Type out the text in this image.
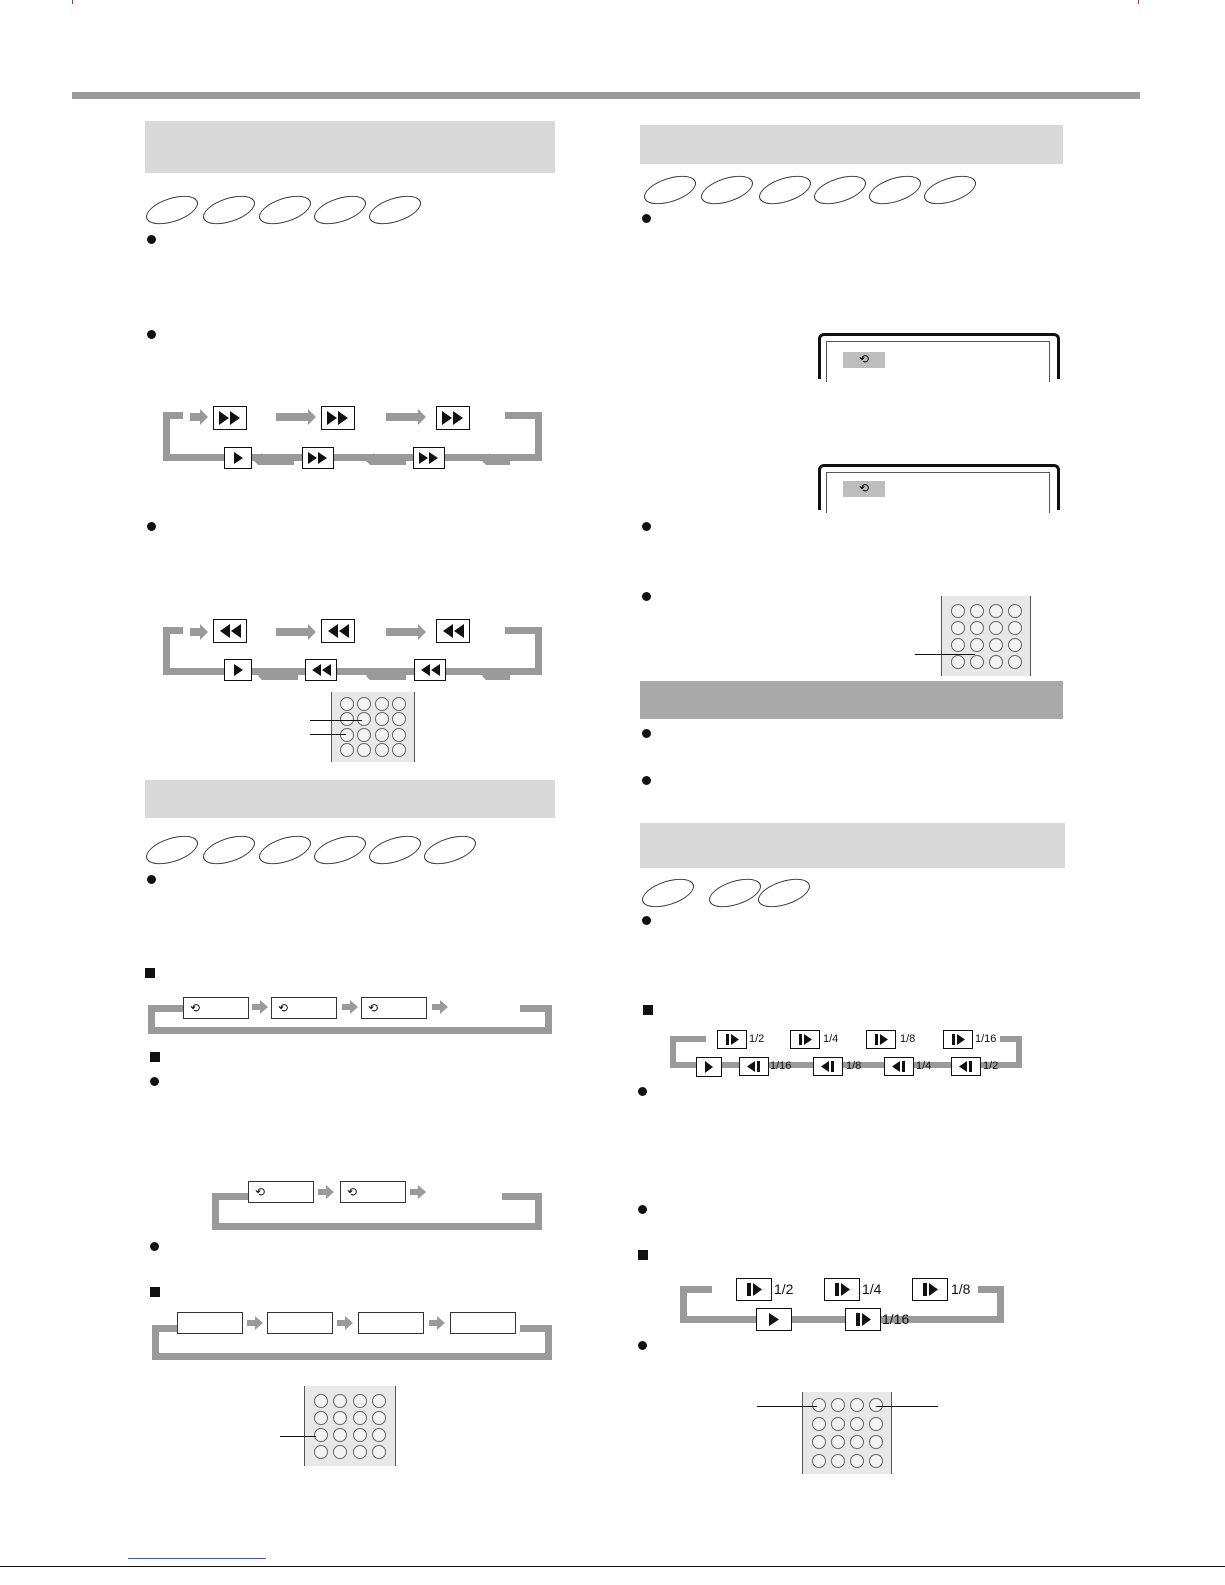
⟲	⟲	⟲
⟲	⟲
⟲
⟲
1/2	1/4	1/8	1/16
1/16	1/8	1/4	1/2
1/2	1/4	1/8
1/16
